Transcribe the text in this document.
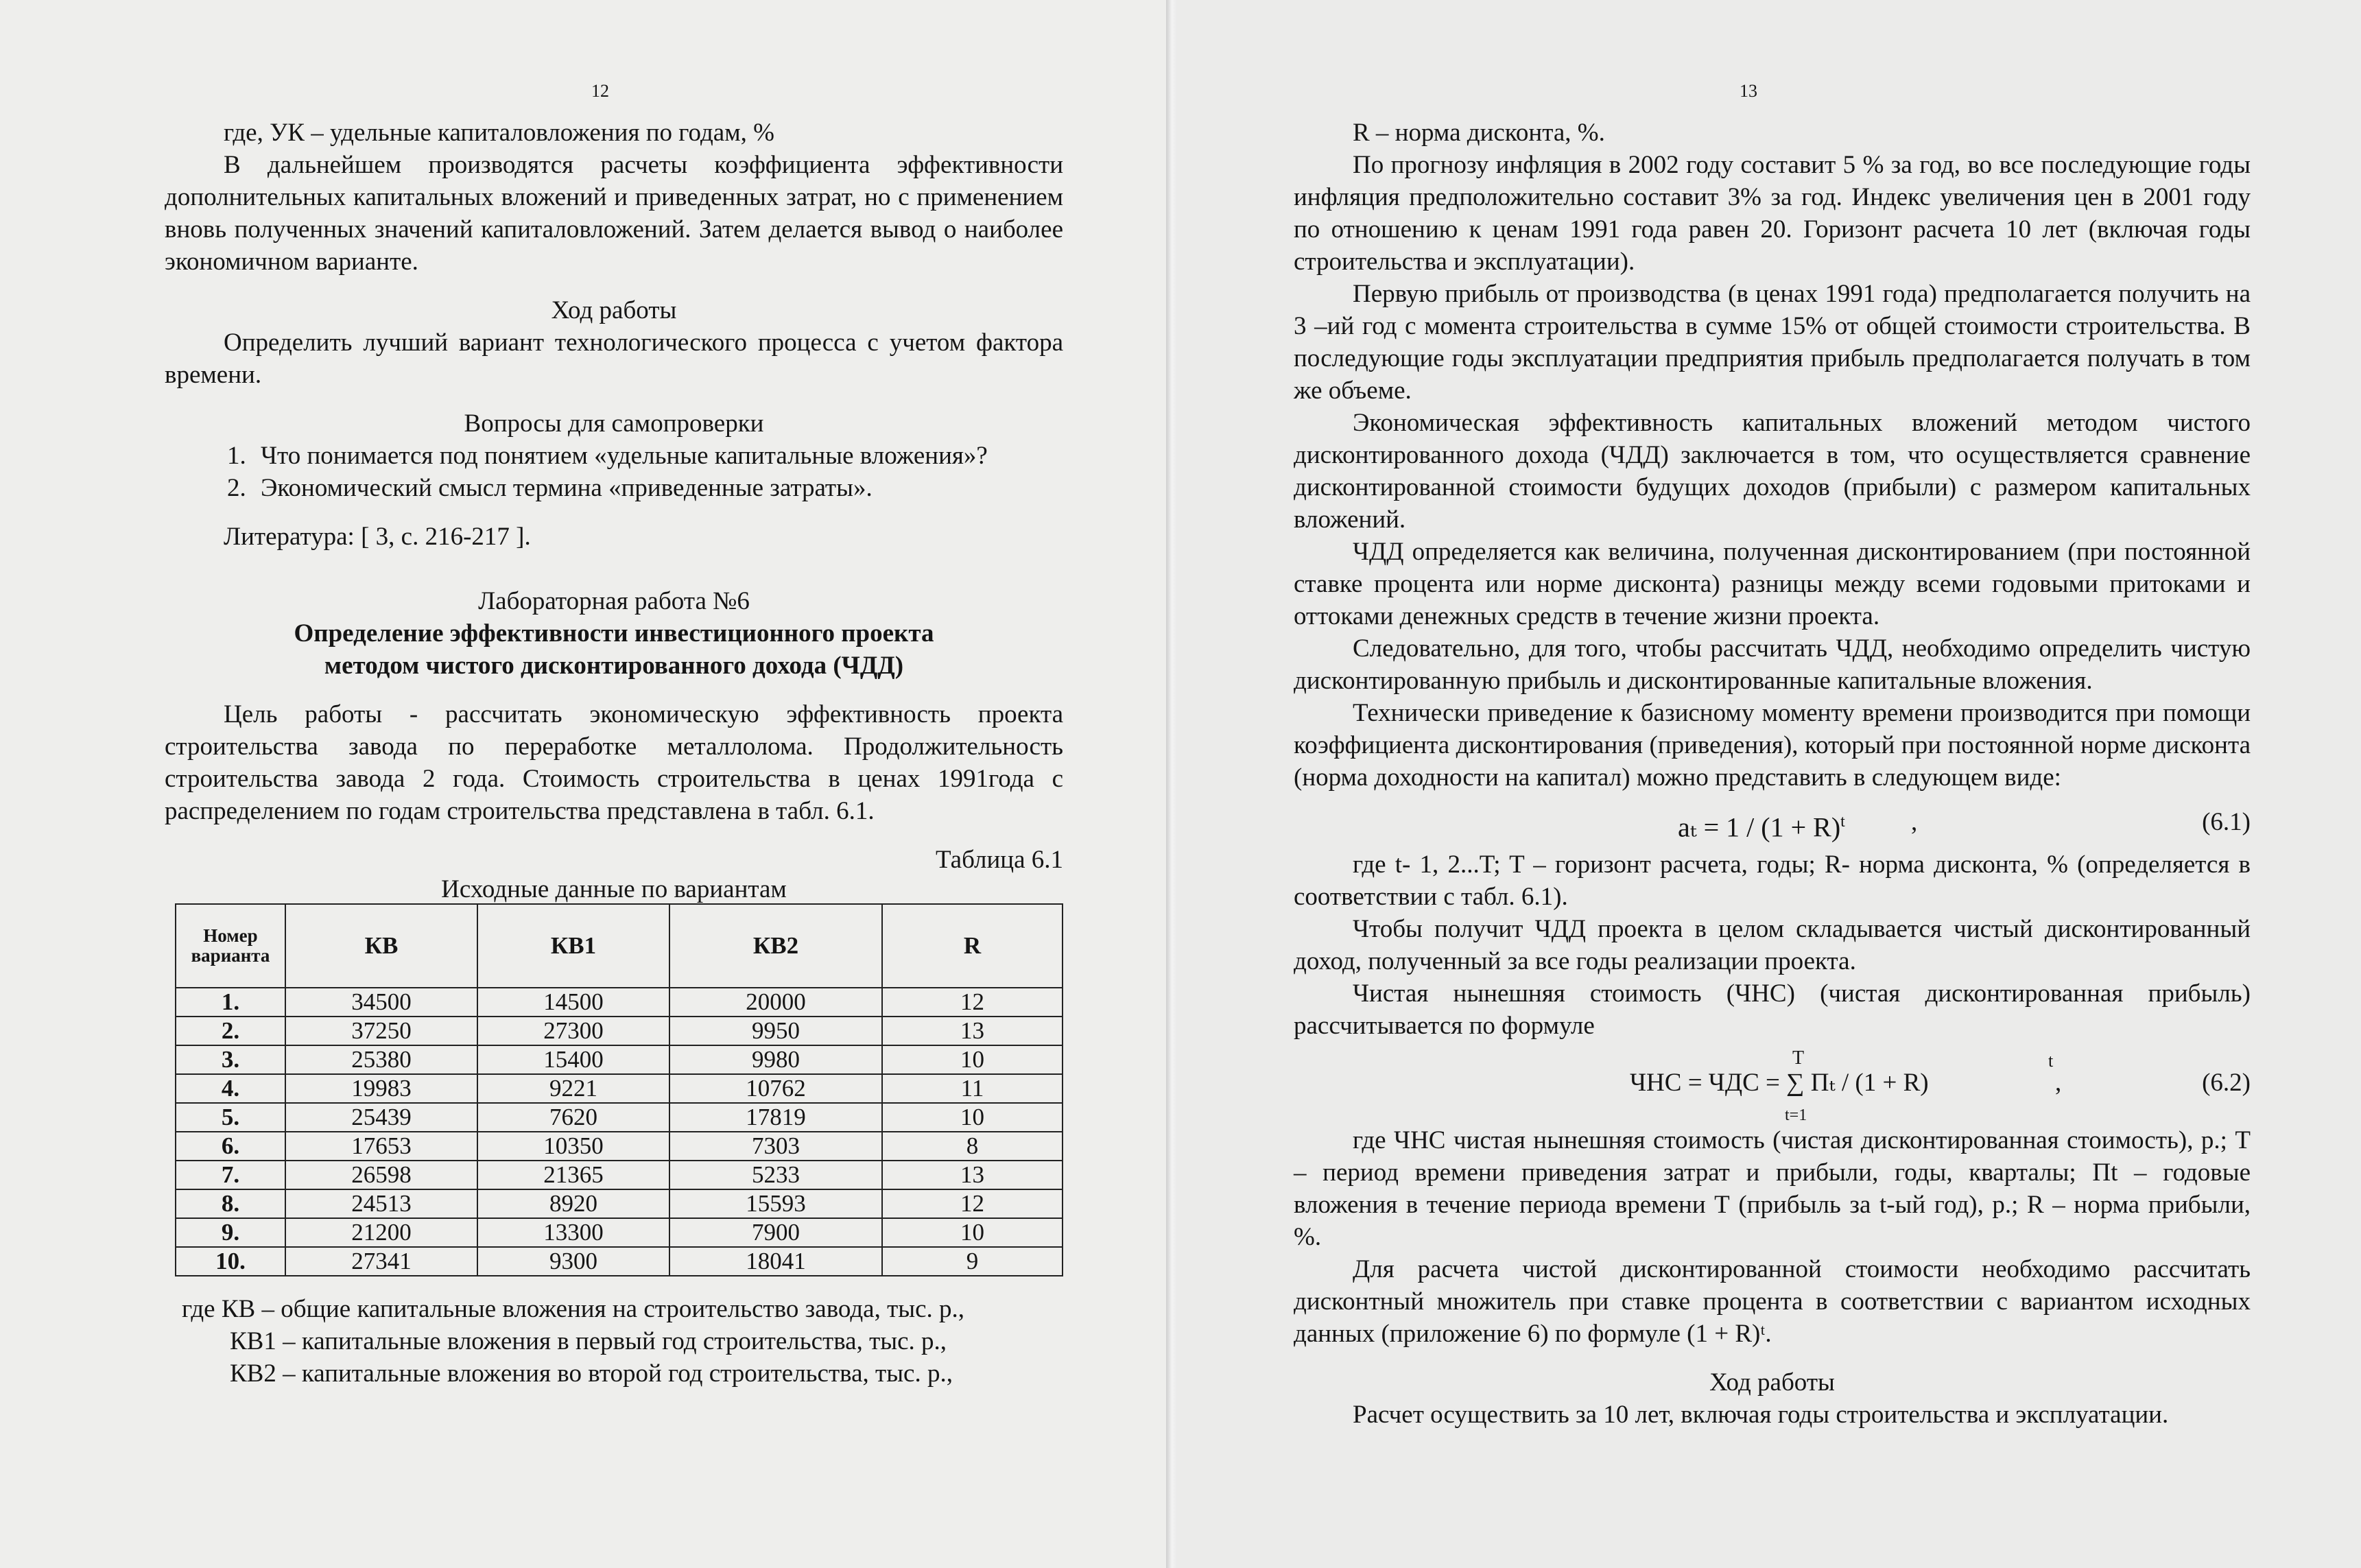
12

где, УК – удельные капиталовложения по годам, %

В дальнейшем производятся расчеты коэффициента эффективности дополнительных капитальных вложений и приведенных затрат, но с применением вновь полученных значений капиталовложений. Затем делается вывод о наиболее экономичном варианте.

Ход работы

Определить лучший вариант технологического процесса с учетом фактора времени.

Вопросы для самопроверки

1. Что понимается под понятием «удельные капитальные вложения»?
2. Экономический смысл термина «приведенные затраты».

Литература: [ 3, с. 216-217 ].

Лабораторная работа №6

Определение эффективности инвестиционного проекта

методом чистого дисконтированного дохода (ЧДД)

Цель работы - рассчитать экономическую эффективность проекта строительства завода по переработке металлолома. Продолжительность строительства завода 2 года. Стоимость строительства в ценах 1991года с распределением по годам строительства представлена в табл. 6.1.

Таблица 6.1

Исходные данные по вариантам

Номер варианта	КВ	КВ1	КВ2	R
1.	34500	14500	20000	12
2.	37250	27300	9950	13
3.	25380	15400	9980	10
4.	19983	9221	10762	11
5.	25439	7620	17819	10
6.	17653	10350	7303	8
7.	26598	21365	5233	13
8.	24513	8920	15593	12
9.	21200	13300	7900	10
10.	27341	9300	18041	9

где КВ – общие капитальные вложения на строительство завода, тыс. р.,

КВ1 – капитальные вложения в первый год строительства, тыс. р.,

КВ2 – капитальные вложения во второй год строительства, тыс. р.,

13

R – норма дисконта, %.

По прогнозу инфляция в 2002 году составит 5 % за год, во все последующие годы инфляция предположительно составит 3% за год. Индекс увеличения цен в 2001 году по отношению к ценам 1991 года равен 20. Горизонт расчета 10 лет (включая годы строительства и эксплуатации).

Первую прибыль от производства (в ценах 1991 года) предполагается получить на 3 –ий год с момента строительства в сумме 15% от общей стоимости строительства. В последующие годы эксплуатации предприятия прибыль предполагается получать в том же объеме.

Экономическая эффективность капитальных вложений методом чистого дисконтированного дохода (ЧДД) заключается в том, что осуществляется сравнение дисконтированной стоимости будущих доходов (прибыли) с размером капитальных вложений.

ЧДД определяется как величина, полученная дисконтированием (при постоянной ставке процента или норме дисконта) разницы между всеми годовыми притоками и оттоками денежных средств в течение жизни проекта.

Следовательно, для того, чтобы рассчитать ЧДД, необходимо определить чистую дисконтированную прибыль и дисконтированные капитальные вложения.

Технически приведение к базисному моменту времени производится при помощи коэффициента дисконтирования (приведения), который при постоянной норме дисконта (норма доходности на капитал) можно представить в следующем виде:

$a_t = 1 / (1 + R)^t$	,	(6.1)

где t- 1, 2...T; T – горизонт расчета, годы; R- норма дисконта, % (определяется в соответствии с табл. 6.1).

Чтобы получит ЧДД проекта в целом складывается чистый дисконтированный доход, полученный за все годы реализации проекта.

Чистая нынешняя стоимость (ЧНС) (чистая дисконтированная прибыль) рассчитывается по формуле

T	t
ЧНС = ЧДС = ∑ Пₜ / (1 + R)	,
t=1
(6.2)

где ЧНС чистая нынешняя стоимость (чистая дисконтированная стоимость), р.; Т – период времени приведения затрат и прибыли, годы, кварталы; Пt – годовые вложения в течение периода времени Т (прибыль за t-ый год), р.; R – норма прибыли, %.

Для расчета чистой дисконтированной стоимости необходимо рассчитать дисконтный множитель при ставке процента в соответствии с вариантом исходных данных (приложение 6) по формуле (1 + R)ᵗ.

Ход работы

Расчет осуществить за 10 лет, включая годы строительства и эксплуатации.
